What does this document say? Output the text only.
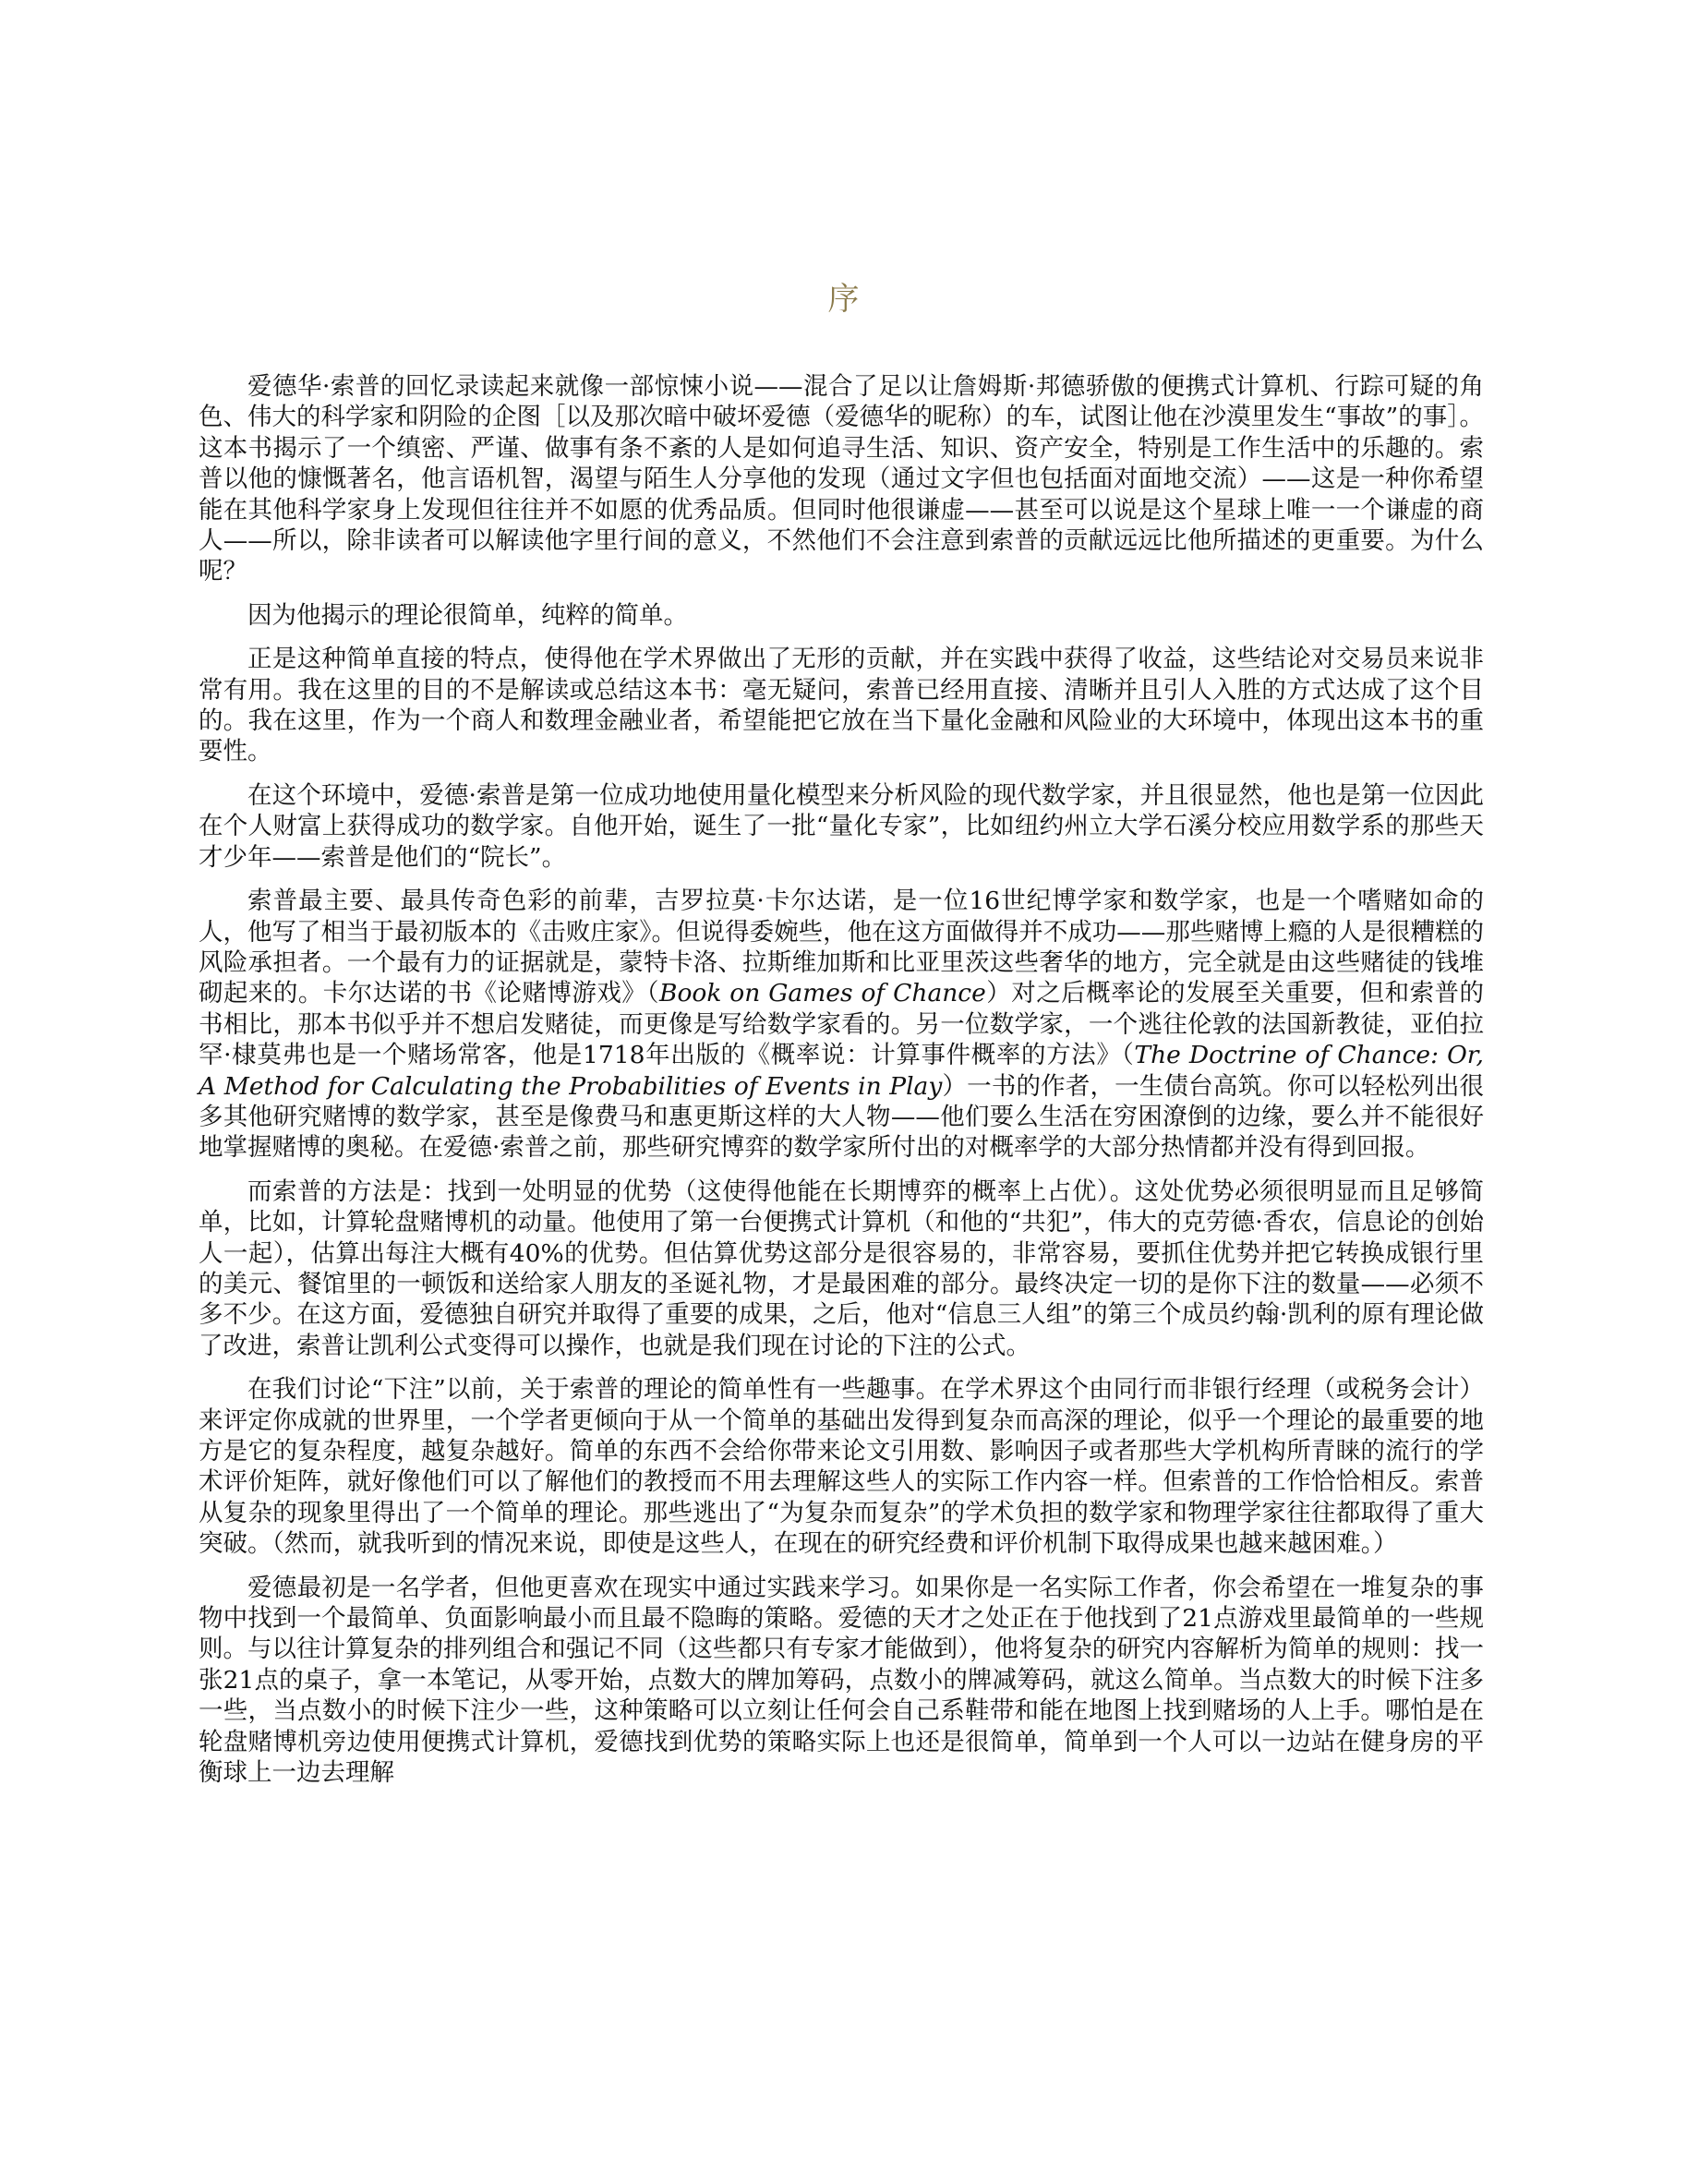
序

爱德华·索普的回忆录读起来就像一部惊悚小说——混合了足以让詹姆斯·邦德骄傲的便携式计算机、行踪可疑的角色、伟大的科学家和阴险的企图［以及那次暗中破坏爱德（爱德华的昵称）的车，试图让他在沙漠里发生“事故”的事］。这本书揭示了一个缜密、严谨、做事有条不紊的人是如何追寻生活、知识、资产安全，特别是工作生活中的乐趣的。索普以他的慷慨著名，他言语机智，渴望与陌生人分享他的发现（通过文字但也包括面对面地交流）——这是一种你希望能在其他科学家身上发现但往往并不如愿的优秀品质。但同时他很谦虚——甚至可以说是这个星球上唯一一个谦虚的商人——所以，除非读者可以解读他字里行间的意义，不然他们不会注意到索普的贡献远远比他所描述的更重要。为什么呢？

因为他揭示的理论很简单，纯粹的简单。

正是这种简单直接的特点，使得他在学术界做出了无形的贡献，并在实践中获得了收益，这些结论对交易员来说非常有用。我在这里的目的不是解读或总结这本书：毫无疑问，索普已经用直接、清晰并且引人入胜的方式达成了这个目的。我在这里，作为一个商人和数理金融业者，希望能把它放在当下量化金融和风险业的大环境中，体现出这本书的重要性。

在这个环境中，爱德·索普是第一位成功地使用量化模型来分析风险的现代数学家，并且很显然，他也是第一位因此在个人财富上获得成功的数学家。自他开始，诞生了一批“量化专家”，比如纽约州立大学石溪分校应用数学系的那些天才少年——索普是他们的“院长”。

索普最主要、最具传奇色彩的前辈，吉罗拉莫·卡尔达诺，是一位16世纪博学家和数学家，也是一个嗜赌如命的人，他写了相当于最初版本的《击败庄家》。但说得委婉些，他在这方面做得并不成功——那些赌博上瘾的人是很糟糕的风险承担者。一个最有力的证据就是，蒙特卡洛、拉斯维加斯和比亚里茨这些奢华的地方，完全就是由这些赌徒的钱堆砌起来的。卡尔达诺的书《论赌博游戏》（Book on Games of Chance）对之后概率论的发展至关重要，但和索普的书相比，那本书似乎并不想启发赌徒，而更像是写给数学家看的。另一位数学家，一个逃往伦敦的法国新教徒，亚伯拉罕·棣莫弗也是一个赌场常客，他是1718年出版的《概率说：计算事件概率的方法》（The Doctrine of Chance: Or, A Method for Calculating the Probabilities of Events in Play）一书的作者，一生债台高筑。你可以轻松列出很多其他研究赌博的数学家，甚至是像费马和惠更斯这样的大人物——他们要么生活在穷困潦倒的边缘，要么并不能很好地掌握赌博的奥秘。在爱德·索普之前，那些研究博弈的数学家所付出的对概率学的大部分热情都并没有得到回报。

而索普的方法是：找到一处明显的优势（这使得他能在长期博弈的概率上占优）。这处优势必须很明显而且足够简单，比如，计算轮盘赌博机的动量。他使用了第一台便携式计算机（和他的“共犯”，伟大的克劳德·香农，信息论的创始人一起），估算出每注大概有40%的优势。但估算优势这部分是很容易的，非常容易，要抓住优势并把它转换成银行里的美元、餐馆里的一顿饭和送给家人朋友的圣诞礼物，才是最困难的部分。最终决定一切的是你下注的数量——必须不多不少。在这方面，爱德独自研究并取得了重要的成果，之后，他对“信息三人组”的第三个成员约翰·凯利的原有理论做了改进，索普让凯利公式变得可以操作，也就是我们现在讨论的下注的公式。

在我们讨论“下注”以前，关于索普的理论的简单性有一些趣事。在学术界这个由同行而非银行经理（或税务会计）来评定你成就的世界里，一个学者更倾向于从一个简单的基础出发得到复杂而高深的理论，似乎一个理论的最重要的地方是它的复杂程度，越复杂越好。简单的东西不会给你带来论文引用数、影响因子或者那些大学机构所青睐的流行的学术评价矩阵，就好像他们可以了解他们的教授而不用去理解这些人的实际工作内容一样。但索普的工作恰恰相反。索普从复杂的现象里得出了一个简单的理论。那些逃出了“为复杂而复杂”的学术负担的数学家和物理学家往往都取得了重大突破。（然而，就我听到的情况来说，即使是这些人，在现在的研究经费和评价机制下取得成果也越来越困难。）

爱德最初是一名学者，但他更喜欢在现实中通过实践来学习。如果你是一名实际工作者，你会希望在一堆复杂的事物中找到一个最简单、负面影响最小而且最不隐晦的策略。爱德的天才之处正在于他找到了21点游戏里最简单的一些规则。与以往计算复杂的排列组合和强记不同（这些都只有专家才能做到），他将复杂的研究内容解析为简单的规则：找一张21点的桌子，拿一本笔记，从零开始，点数大的牌加筹码，点数小的牌减筹码，就这么简单。当点数大的时候下注多一些，当点数小的时候下注少一些，这种策略可以立刻让任何会自己系鞋带和能在地图上找到赌场的人上手。哪怕是在轮盘赌博机旁边使用便携式计算机，爱德找到优势的策略实际上也还是很简单，简单到一个人可以一边站在健身房的平衡球上一边去理解
